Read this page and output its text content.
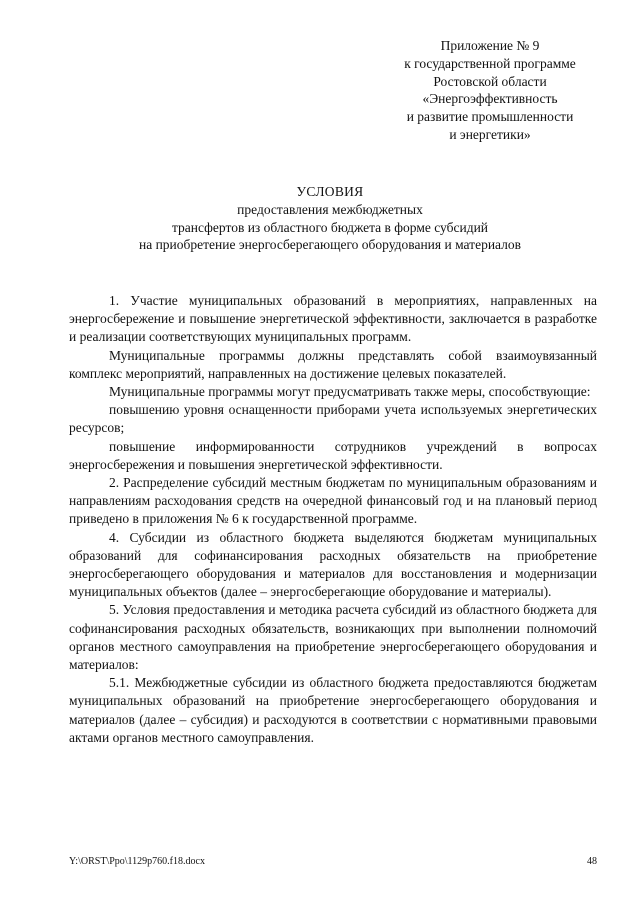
Приложение № 9
к государственной программе
Ростовской области
«Энергоэффективность
и развитие промышленности
и энергетики»
УСЛОВИЯ
предоставления межбюджетных
трансфертов из областного бюджета в форме субсидий
на приобретение энергосберегающего оборудования и материалов

1. Участие муниципальных образований в мероприятиях, направленных на энергосбережение и повышение энергетической эффективности, заключается в разработке и реализации соответствующих муниципальных программ.

Муниципальные программы должны представлять собой взаимоувязанный комплекс мероприятий, направленных на достижение целевых показателей.

Муниципальные программы могут предусматривать также меры, способствующие:

повышению уровня оснащенности приборами учета используемых энергетических ресурсов;

повышение информированности сотрудников учреждений в вопросах энергосбережения и повышения энергетической эффективности.

2. Распределение субсидий местным бюджетам по муниципальным образованиям и направлениям расходования средств на очередной финансовый год и на плановый период приведено в приложения № 6 к государственной программе.

4. Субсидии из областного бюджета выделяются бюджетам муниципальных образований для софинансирования расходных обязательств на приобретение энергосберегающего оборудования и материалов для восстановления и модернизации муниципальных объектов (далее – энергосберегающие оборудование и материалы).

5. Условия предоставления и методика расчета субсидий из областного бюджета для софинансирования расходных обязательств, возникающих при выполнении полномочий органов местного самоуправления на приобретение энергосберегающего оборудования и материалов:

5.1. Межбюджетные субсидии из областного бюджета предоставляются бюджетам муниципальных образований на приобретение энергосберегающего оборудования и материалов (далее – субсидия) и расходуются в соответствии с нормативными правовыми актами органов местного самоуправления.

Y:\ORST\Ppo\1129p760.f18.docx	48
